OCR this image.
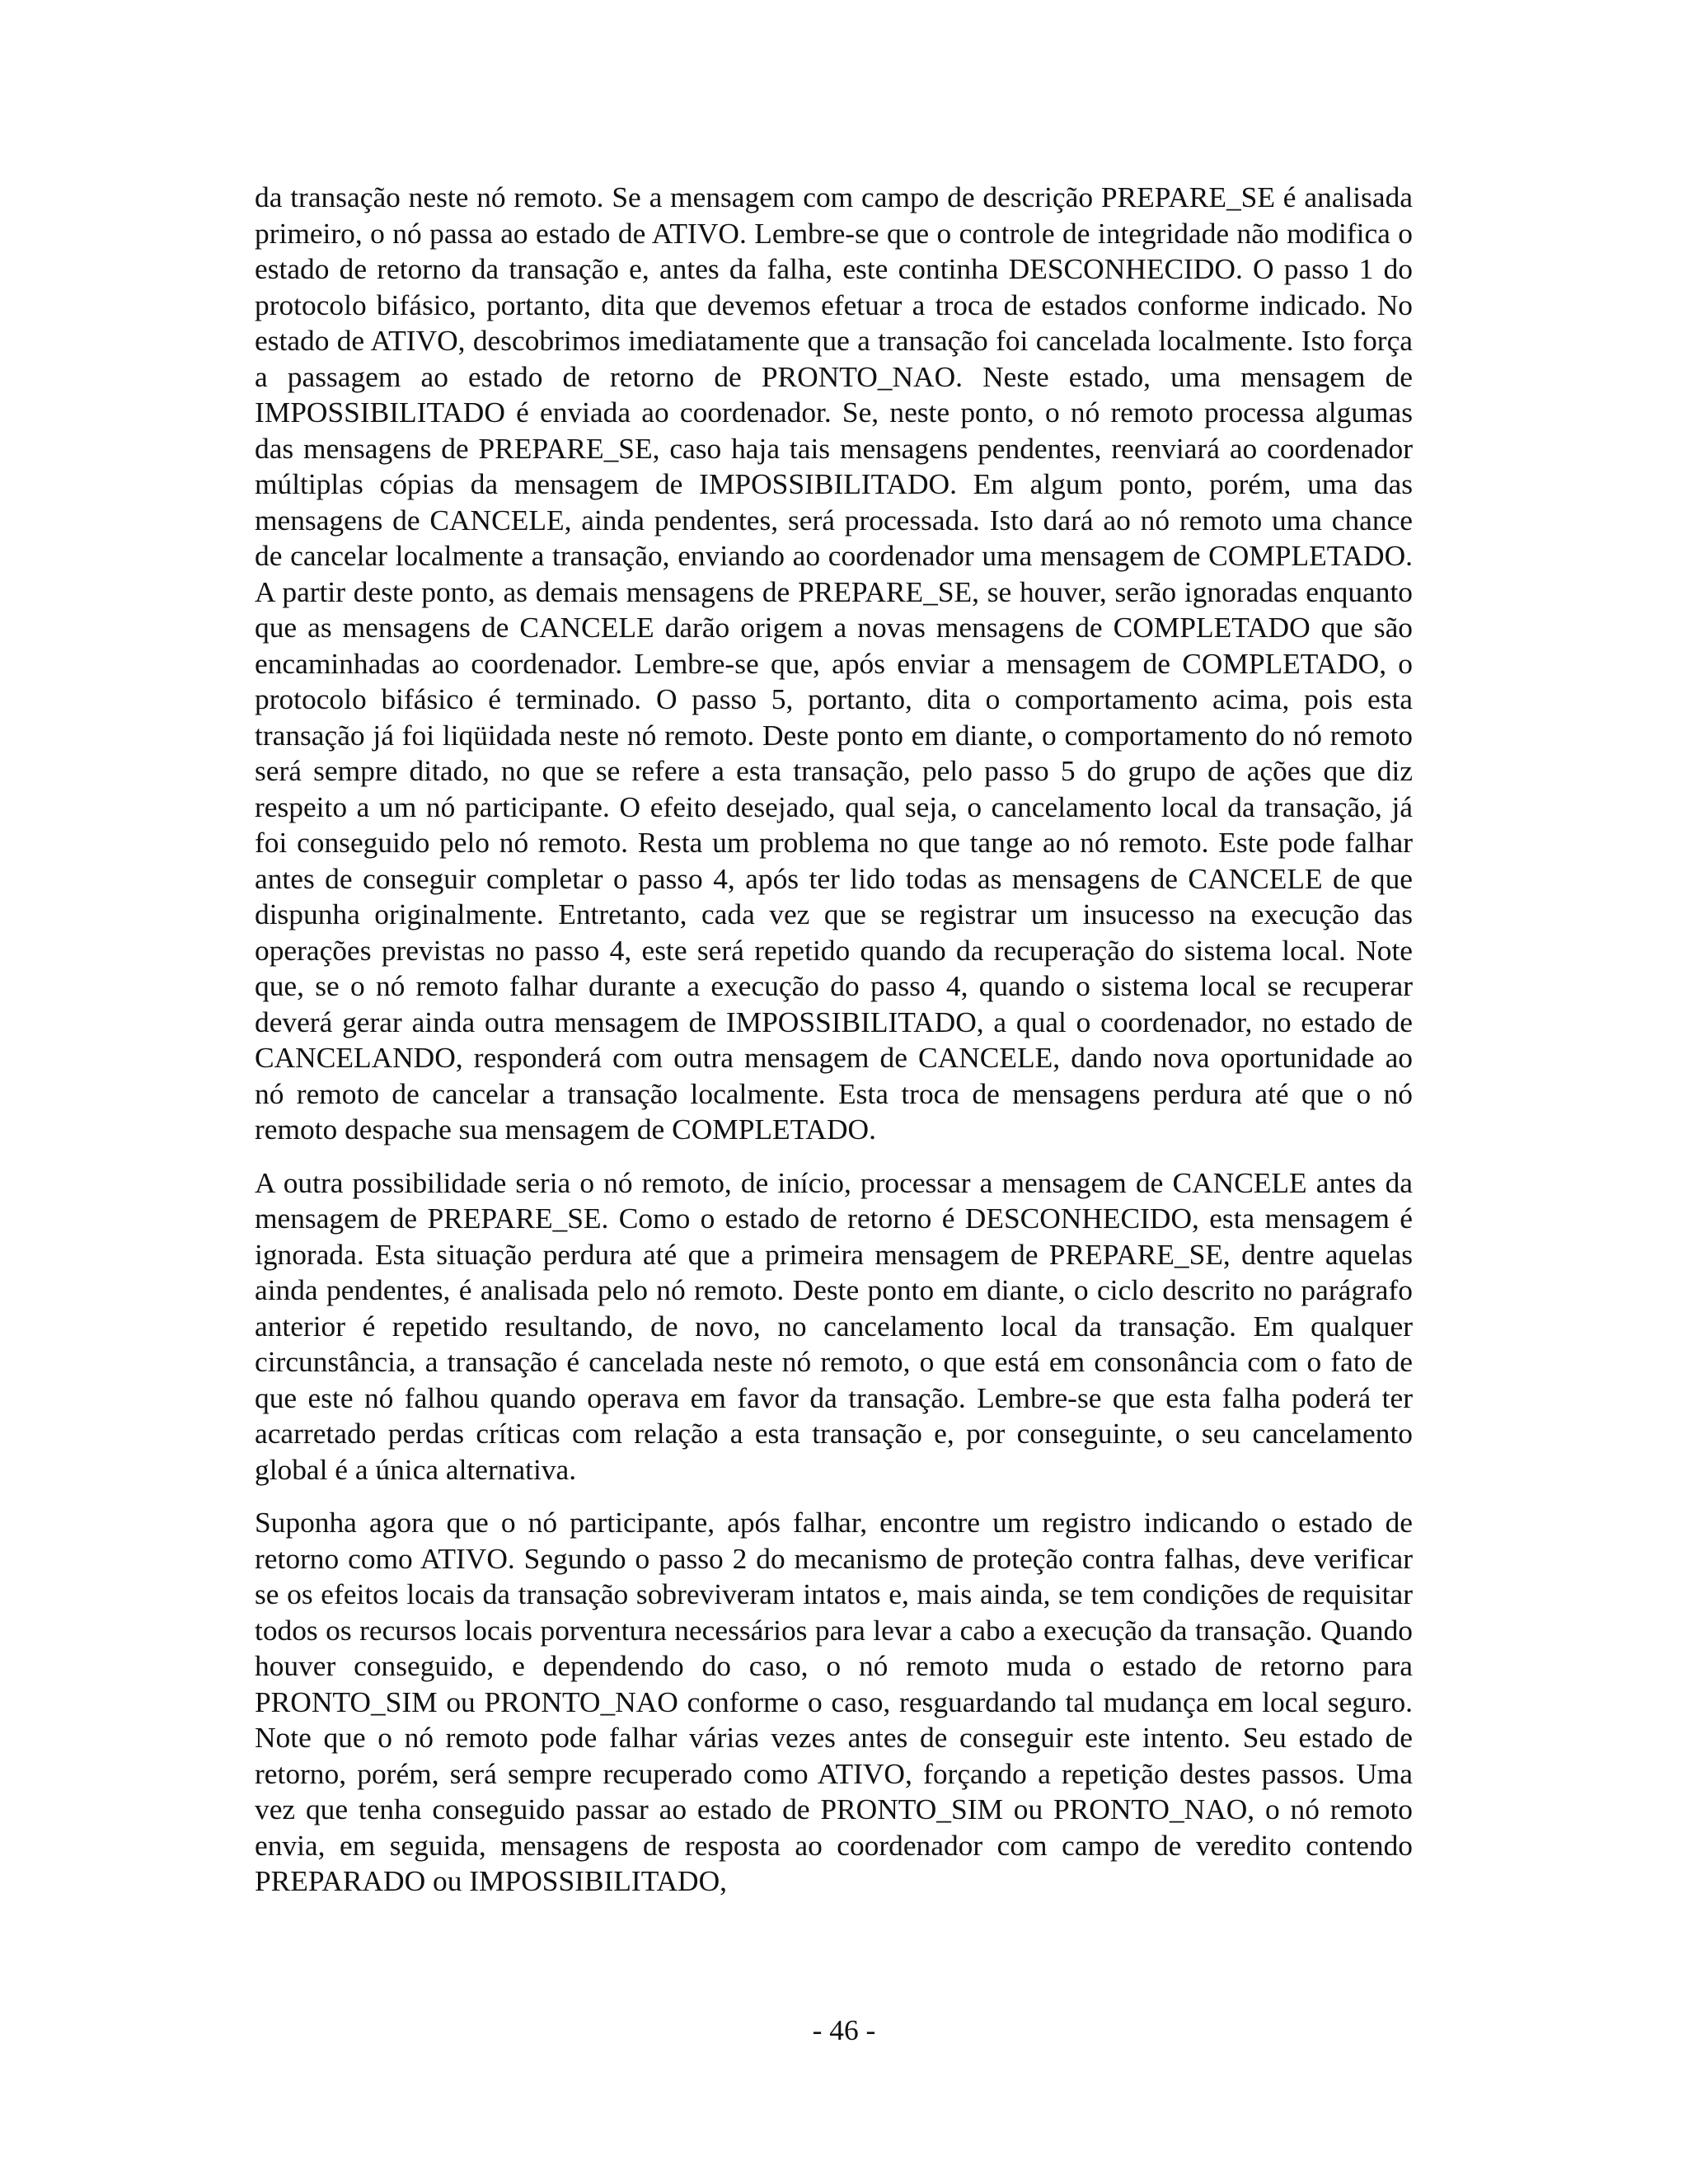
da transação neste nó remoto. Se a mensagem com campo de descrição PREPARE_SE é analisada primeiro, o nó passa ao estado de ATIVO. Lembre-se que o controle de integridade não modifica o estado de retorno da transação e, antes da falha, este continha DESCONHECIDO. O passo 1 do protocolo bifásico, portanto, dita que devemos efetuar a troca de estados conforme indicado. No estado de ATIVO, descobrimos imediatamente que a transação foi cancelada localmente. Isto força a passagem ao estado de retorno de PRONTO_NAO. Neste estado, uma mensagem de IMPOSSIBILITADO é enviada ao coordenador. Se, neste ponto, o nó remoto processa algumas das mensagens de PREPARE_SE, caso haja tais mensagens pendentes, reenviará ao coordenador múltiplas cópias da mensagem de IMPOSSIBILITADO. Em algum ponto, porém, uma das mensagens de CANCELE, ainda pendentes, será processada. Isto dará ao nó remoto uma chance de cancelar localmente a transação, enviando ao coordenador uma mensagem de COMPLETADO. A partir deste ponto, as demais mensagens de PREPARE_SE, se houver, serão ignoradas enquanto que as mensagens de CANCELE darão origem a novas mensagens de COMPLETADO que são encaminhadas ao coordenador. Lembre-se que, após enviar a mensagem de COMPLETADO, o protocolo bifásico é terminado. O passo 5, portanto, dita o comportamento acima, pois esta transação já foi liqüidada neste nó remoto. Deste ponto em diante, o comportamento do nó remoto será sempre ditado, no que se refere a esta transação, pelo passo 5 do grupo de ações que diz respeito a um nó participante. O efeito desejado, qual seja, o cancelamento local da transação, já foi conseguido pelo nó remoto. Resta um problema no que tange ao nó remoto. Este pode falhar antes de conseguir completar o passo 4, após ter lido todas as mensagens de CANCELE de que dispunha originalmente. Entretanto, cada vez que se registrar um insucesso na execução das operações previstas no passo 4, este será repetido quando da recuperação do sistema local. Note que, se o nó remoto falhar durante a execução do passo 4, quando o sistema local se recuperar deverá gerar ainda outra mensagem de IMPOSSIBILITADO, a qual o coordenador, no estado de CANCELANDO, responderá com outra mensagem de CANCELE, dando nova oportunidade ao nó remoto de cancelar a transação localmente. Esta troca de mensagens perdura até que o nó remoto despache sua mensagem de COMPLETADO.

A outra possibilidade seria o nó remoto, de início, processar a mensagem de CANCELE antes da mensagem de PREPARE_SE. Como o estado de retorno é DESCONHECIDO, esta mensagem é ignorada. Esta situação perdura até que a primeira mensagem de PREPARE_SE, dentre aquelas ainda pendentes, é analisada pelo nó remoto. Deste ponto em diante, o ciclo descrito no parágrafo anterior é repetido resultando, de novo, no cancelamento local da transação. Em qualquer circunstância, a transação é cancelada neste nó remoto, o que está em consonância com o fato de que este nó falhou quando operava em favor da transação. Lembre-se que esta falha poderá ter acarretado perdas críticas com relação a esta transação e, por conseguinte, o seu cancelamento global é a única alternativa.

Suponha agora que o nó participante, após falhar, encontre um registro indicando o estado de retorno como ATIVO. Segundo o passo 2 do mecanismo de proteção contra falhas, deve verificar se os efeitos locais da transação sobreviveram intatos e, mais ainda, se tem condições de requisitar todos os recursos locais porventura necessários para levar a cabo a execução da transação. Quando houver conseguido, e dependendo do caso, o nó remoto muda o estado de retorno para PRONTO_SIM ou PRONTO_NAO conforme o caso, resguardando tal mudança em local seguro. Note que o nó remoto pode falhar várias vezes antes de conseguir este intento. Seu estado de retorno, porém, será sempre recuperado como ATIVO, forçando a repetição destes passos. Uma vez que tenha conseguido passar ao estado de PRONTO_SIM ou PRONTO_NAO, o nó remoto envia, em seguida, mensagens de resposta ao coordenador com campo de veredito contendo PREPARADO ou IMPOSSIBILITADO,

- 46 -
